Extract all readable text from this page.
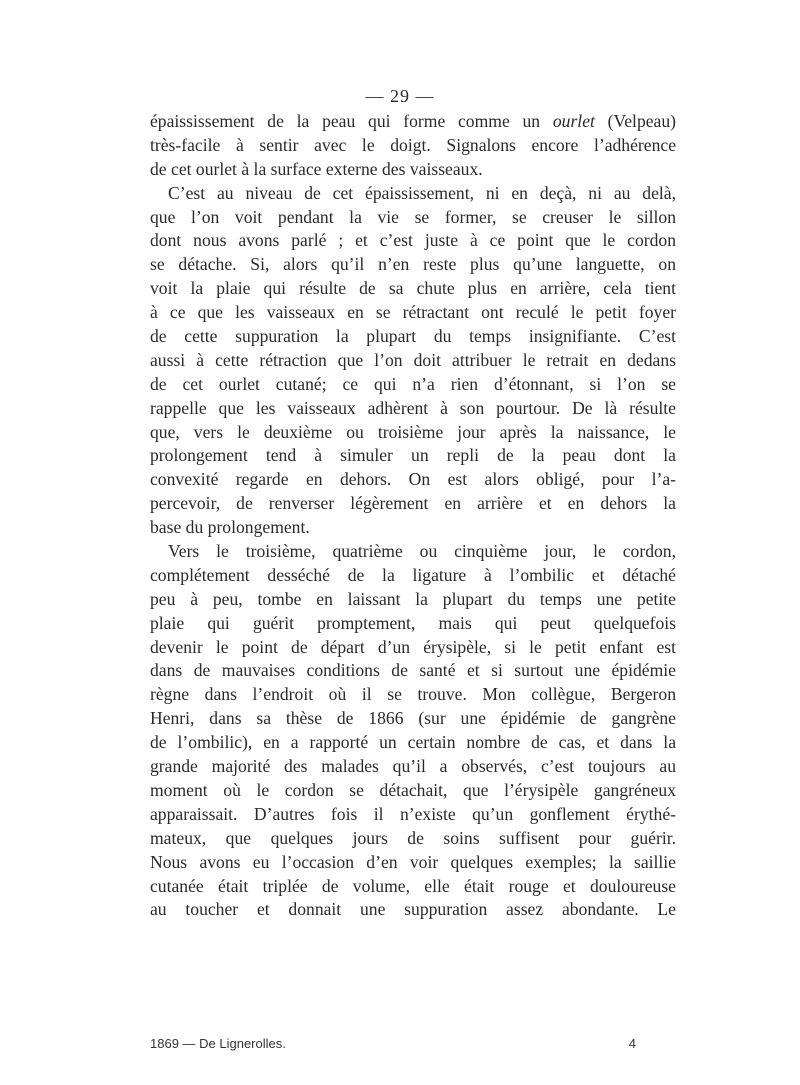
— 29 —
épaississement de la peau qui forme comme un ourlet (Velpeau)
très-facile à sentir avec le doigt. Signalons encore l’adhérence
de cet ourlet à la surface externe des vaisseaux.
C’est au niveau de cet épaississement, ni en deçà, ni au delà,
que l’on voit pendant la vie se former, se creuser le sillon
dont nous avons parlé ; et c’est juste à ce point que le cordon
se détache. Si, alors qu’il n’en reste plus qu’une languette, on
voit la plaie qui résulte de sa chute plus en arrière, cela tient
à ce que les vaisseaux en se rétractant ont reculé le petit foyer
de cette suppuration la plupart du temps insignifiante. C’est
aussi à cette rétraction que l’on doit attribuer le retrait en dedans
de cet ourlet cutané; ce qui n’a rien d’étonnant, si l’on se
rappelle que les vaisseaux adhèrent à son pourtour. De là résulte
que, vers le deuxième ou troisième jour après la naissance, le
prolongement tend à simuler un repli de la peau dont la
convexité regarde en dehors. On est alors obligé, pour l’a-
percevoir, de renverser légèrement en arrière et en dehors la
base du prolongement.
Vers le troisième, quatrième ou cinquième jour, le cordon,
complétement desséché de la ligature à l’ombilic et détaché
peu à peu, tombe en laissant la plupart du temps une petite
plaie qui guérit promptement, mais qui peut quelquefois
devenir le point de départ d’un érysipèle, si le petit enfant est
dans de mauvaises conditions de santé et si surtout une épidémie
règne dans l’endroit où il se trouve. Mon collègue, Bergeron
Henri, dans sa thèse de 1866 (sur une épidémie de gangrène
de l’ombilic), en a rapporté un certain nombre de cas, et dans la
grande majorité des malades qu’il a observés, c’est toujours au
moment où le cordon se détachait, que l’érysipèle gangréneux
apparaissait. D’autres fois il n’existe qu’un gonflement érythé-
mateux, que quelques jours de soins suffisent pour guérir.
Nous avons eu l’occasion d’en voir quelques exemples; la saillie
cutanée était triplée de volume, elle était rouge et douloureuse
au toucher et donnait une suppuration assez abondante. Le
1869 — De Lignerolles.	4
